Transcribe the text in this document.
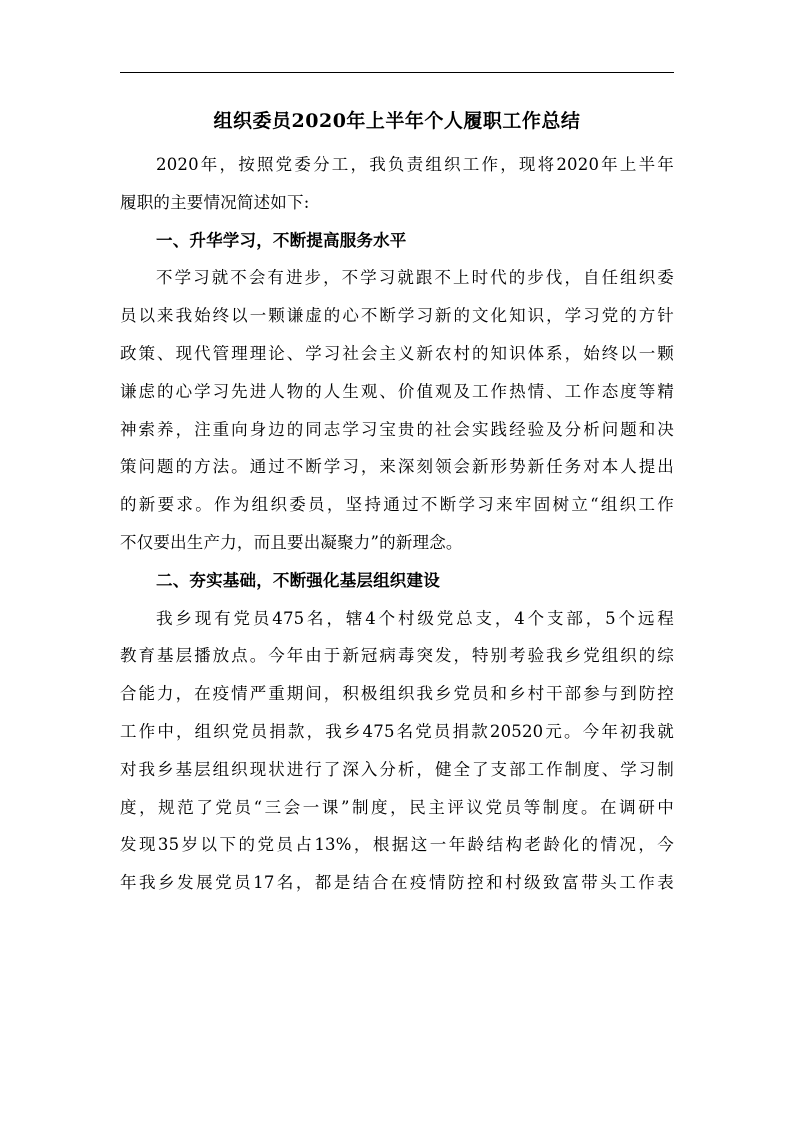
组织委员2020年上半年个人履职工作总结
2020年，按照党委分工，我负责组织工作，现将2020年上半年
履职的主要情况简述如下:
一、升华学习，不断提高服务水平
不学习就不会有进步，不学习就跟不上时代的步伐，自任组织委
员以来我始终以一颗谦虚的心不断学习新的文化知识，学习党的方针
政策、现代管理理论、学习社会主义新农村的知识体系，始终以一颗
谦虑的心学习先进人物的人生观、价值观及工作热情、工作态度等精
神索养，注重向身边的同志学习宝贵的社会实践经验及分析问题和决
策问题的方法。通过不断学习，来深刻领会新形势新任务对本人提出
的新要求。作为组织委员，坚持通过不断学习来牢固树立“组织工作
不仅要出生产力，而且要出凝聚力”的新理念。
二、夯实基础，不断强化基层组织建设
我乡现有党员475名，辖4个村级党总支，4个支部，5个远程
教育基层播放点。今年由于新冠病毒突发，特别考验我乡党组织的综
合能力，在疫情严重期间，积极组织我乡党员和乡村干部参与到防控
工作中，组织党员捐款，我乡475名党员捐款20520元。今年初我就
对我乡基层组织现状进行了深入分析，健全了支部工作制度、学习制
度，规范了党员“三会一课”制度，民主评议党员等制度。在调研中
发现35岁以下的党员占13%，根据这一年龄结构老龄化的情况，今
年我乡发展党员17名，都是结合在疫情防控和村级致富带头工作表
